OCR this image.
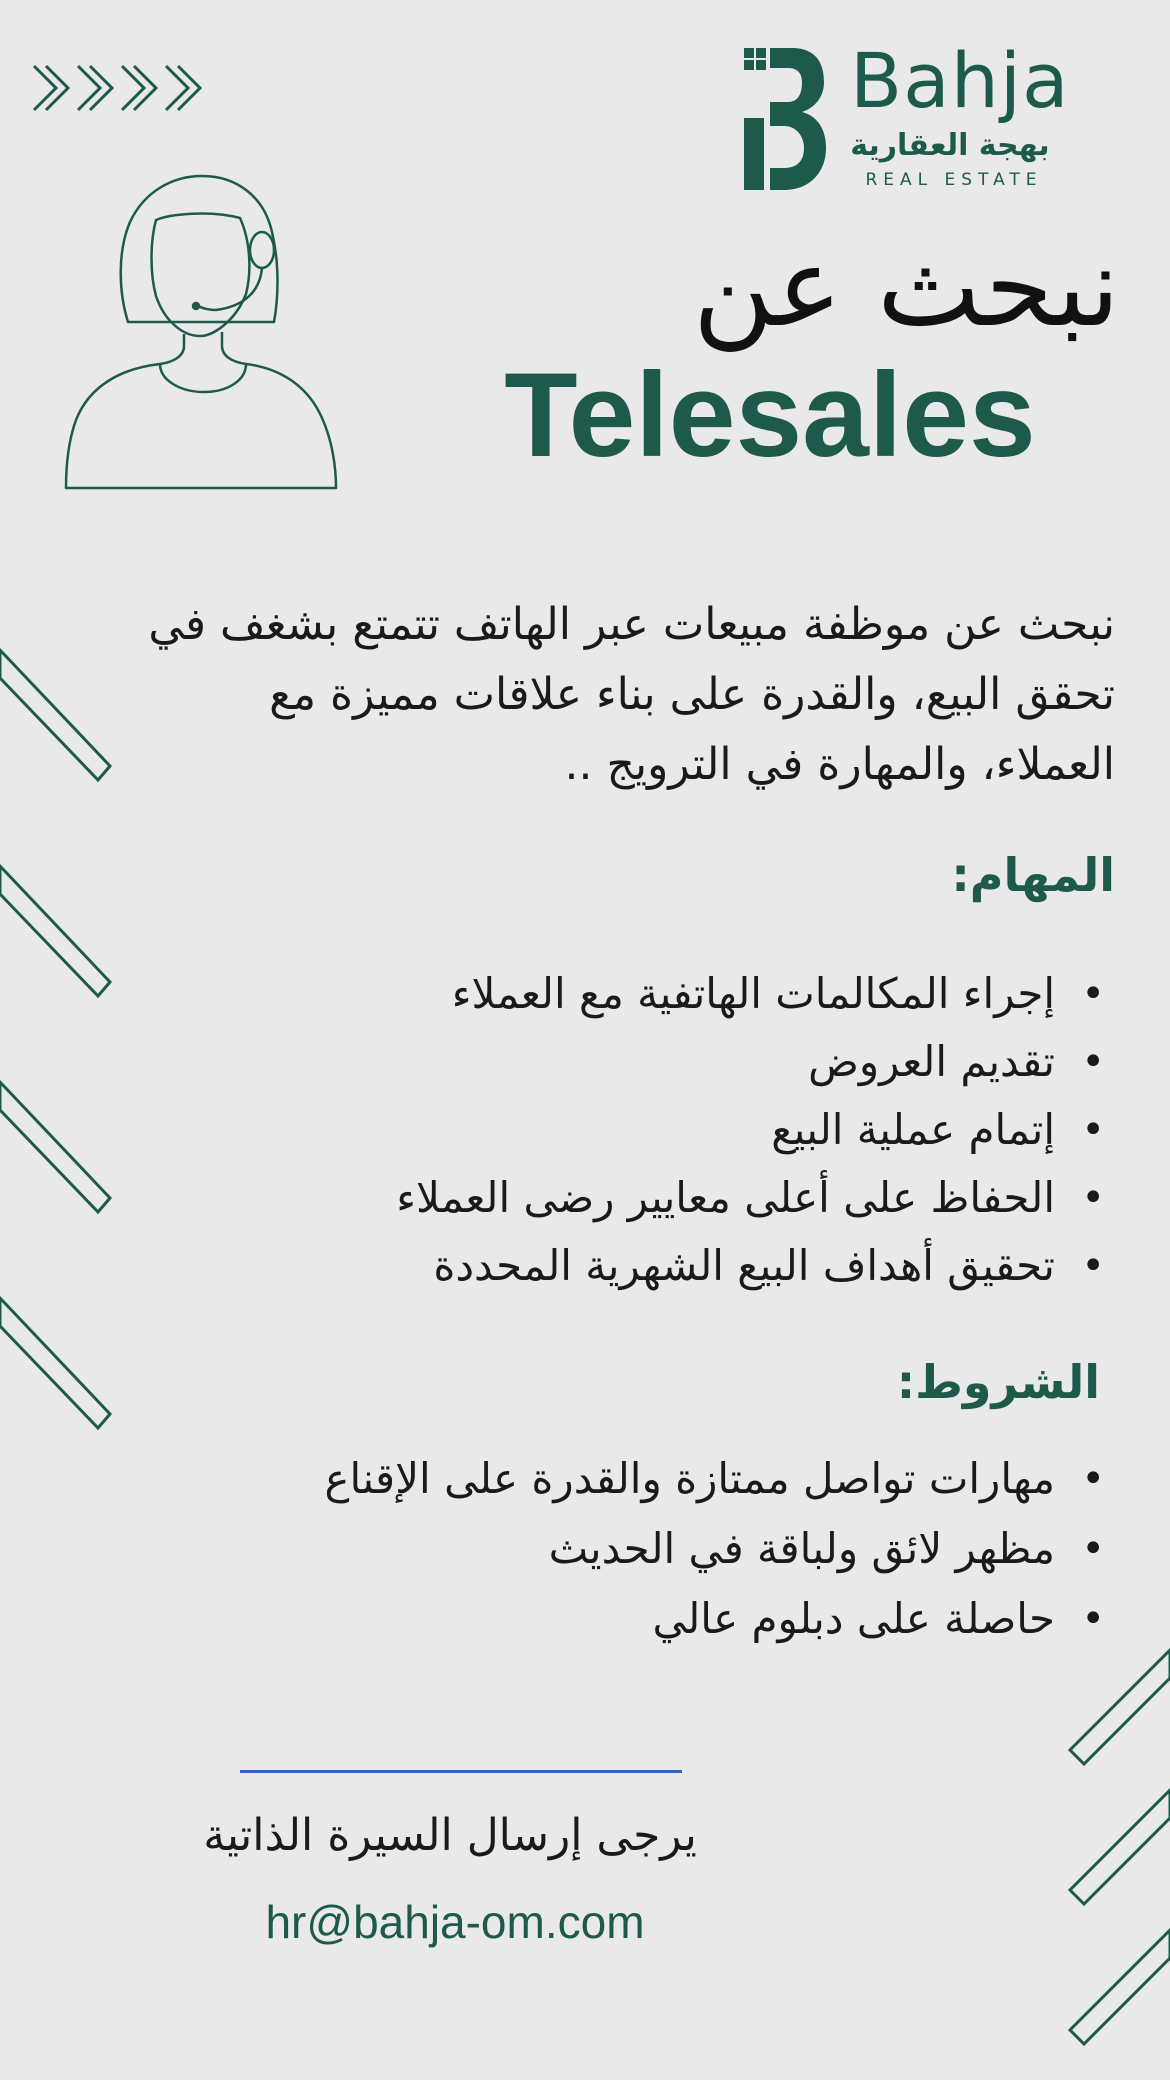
Bahja
بهجة العقارية
REAL ESTATE
نبحث عن
Telesales
نبحث عن موظفة مبيعات عبر الهاتف تتمتع بشغف في تحقق البيع، والقدرة على بناء علاقات مميزة مع العملاء، والمهارة في الترويج ..
المهام:
• إجراء المكالمات الهاتفية مع العملاء
• تقديم العروض
• إتمام عملية البيع
• الحفاظ على أعلى معايير رضى العملاء
• تحقيق أهداف البيع الشهرية المحددة
الشروط:
• مهارات تواصل ممتازة والقدرة على الإقناع
• مظهر لائق ولباقة في الحديث
• حاصلة على دبلوم عالي
يرجى إرسال السيرة الذاتية
hr@bahja-om.com
